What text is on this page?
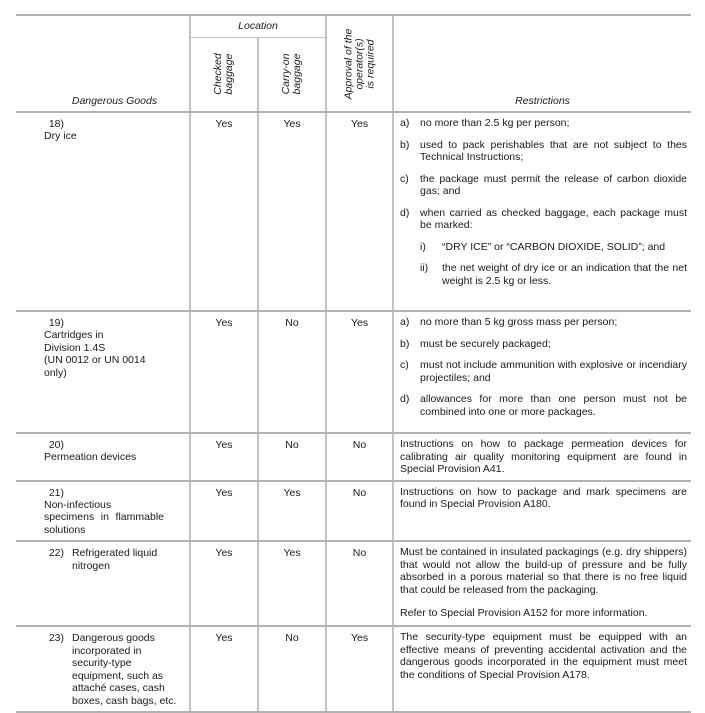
Dangerous Goods	Location		Approval of the operator(s) is required	Restrictions

Checked baggage	Carry-on baggage

18)Dry ice	Yes	Yes	Yes	a)	no more than 2.5 kg per person;
b)	used to pack perishables that are not subject to thes Technical Instructions;
c)	the package must permit the release of carbon dioxide gas; and
d)	when carried as checked baggage, each package must be marked:
i)	“DRY ICE” or “CARBON DIOXIDE, SOLID”; and
ii)	the net weight of dry ice or an indication that the net weight is 2.5 kg or less.

19)
Cartridges in
Division 1.4S
(UN 0012 or UN 0014
only)
	Yes	No	Yes	a)	no more than 5 kg gross mass per person;
b)	must be securely packaged;
c)	must not include ammunition with explosive or incendiary projectiles; and
d)	allowances for more than one person must not be combined into one or more packages.

20)Permeation devices	Yes	No	No	Instructions on how to package permeation devices for calibrating air quality monitoring equipment are found in Special Provision A41.

21)Non-infectious specimens in flammable solutions	Yes	Yes	No	Instructions on how to package and mark specimens are found in Special Provision A180.

22) Refrigerated liquid nitrogen	Yes	Yes	No	Must be contained in insulated packagings (e.g. dry shippers) that would not allow the build-up of pressure and be fully absorbed in a porous material so that there is no free liquid that could be released from the packaging.
Refer to Special Provision A152 for more information.

23) Dangerous goods incorporated in security-type equipment, such as attaché cases, cash boxes, cash bags, etc.	Yes	No	Yes	The security-type equipment must be equipped with an effective means of preventing accidental activation and the dangerous goods incorporated in the equipment must meet the conditions of Special Provision A178.
